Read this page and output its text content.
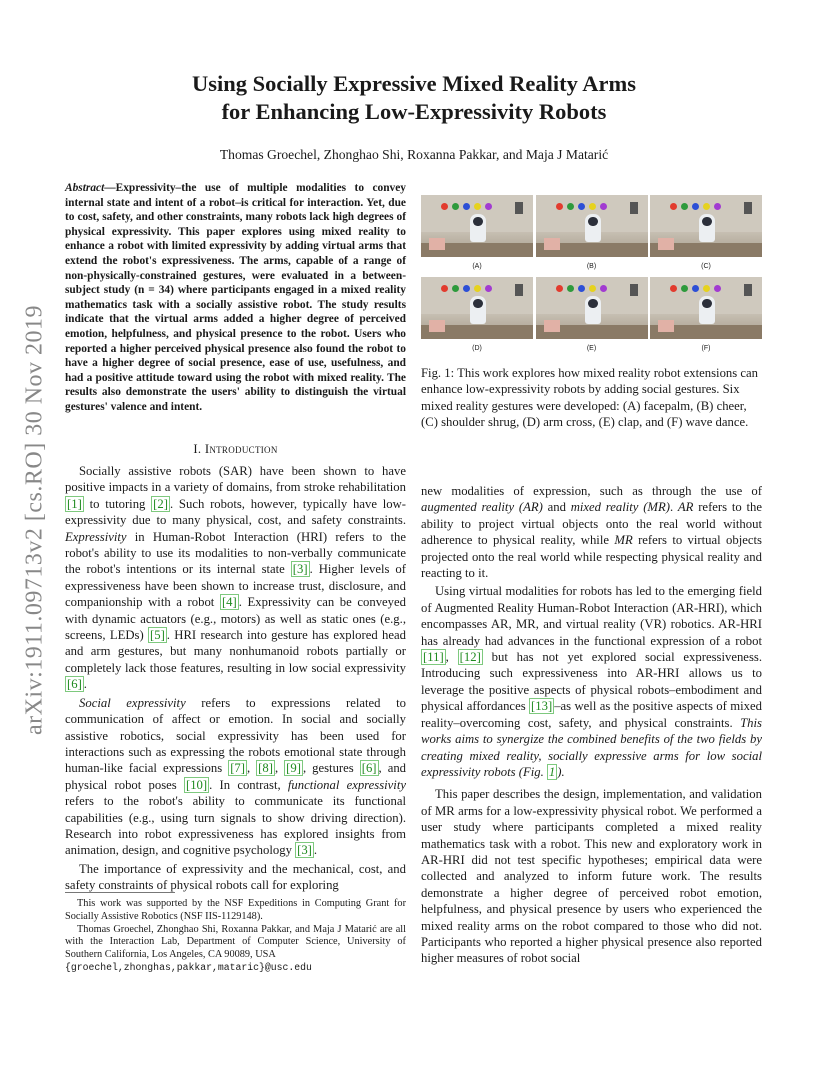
arXiv:1911.09713v2 [cs.RO] 30 Nov 2019
Using Socially Expressive Mixed Reality Arms
for Enhancing Low-Expressivity Robots
Thomas Groechel, Zhonghao Shi, Roxanna Pakkar, and Maja J Matarić
Abstract—Expressivity–the use of multiple modalities to convey internal state and intent of a robot–is critical for interaction. Yet, due to cost, safety, and other constraints, many robots lack high degrees of physical expressivity. This paper explores using mixed reality to enhance a robot with limited expressivity by adding virtual arms that extend the robot's expressiveness. The arms, capable of a range of non-physically-constrained gestures, were evaluated in a between-subject study (n = 34) where participants engaged in a mixed reality mathematics task with a socially assistive robot. The study results indicate that the virtual arms added a higher degree of perceived emotion, helpfulness, and physical presence to the robot. Users who reported a higher perceived physical presence also found the robot to have a higher degree of social presence, ease of use, usefulness, and had a positive attitude toward using the robot with mixed reality. The results also demonstrate the users' ability to distinguish the virtual gestures' valence and intent.
I. Introduction

Socially assistive robots (SAR) have been shown to have positive impacts in a variety of domains, from stroke rehabilitation [1] to tutoring [2] . Such robots, however, typically have low-expressivity due to many physical, cost, and safety constraints. Expressivity in Human-Robot Interaction (HRI) refers to the robot's ability to use its modalities to non-verbally communicate the robot's intentions or its internal state [3] . Higher levels of expressiveness have been shown to increase trust, disclosure, and companionship with a robot [4] . Expressivity can be conveyed with dynamic actuators (e.g., motors) as well as static ones (e.g., screens, LEDs) [5] . HRI research into gesture has explored head and arm gestures, but many nonhumanoid robots partially or completely lack those features, resulting in low social expressivity [6] .

Social expressivity refers to expressions related to communication of affect or emotion. In social and socially assistive robotics, social expressivity has been used for interactions such as expressing the robots emotional state through human-like facial expressions [7] , [8] , [9] , gestures [6] , and physical robot poses [10] . In contrast, functional expressivity refers to the robot's ability to communicate its functional capabilities (e.g., using turn signals to show driving direction). Research into robot expressiveness has explored insights from animation, design, and cognitive psychology [3] .

The importance of expressivity and the mechanical, cost, and safety constraints of physical robots call for exploring

This work was supported by the NSF Expeditions in Computing Grant for Socially Assistive Robotics (NSF IIS-1129148).

Thomas Groechel, Zhonghao Shi, Roxanna Pakkar, and Maja J Matarić are all with the Interaction Lab, Department of Computer Science, University of Southern California, Los Angeles, CA 90089, USA

{groechel,zhonghas,pakkar,mataric}@usc.edu
(A)	(B)	(C)
(D)	(E)	(F)
Fig. 1: This work explores how mixed reality robot extensions can enhance low-expressivity robots by adding social gestures. Six mixed reality gestures were developed: (A) facepalm, (B) cheer, (C) shoulder shrug, (D) arm cross, (E) clap, and (F) wave dance.

new modalities of expression, such as through the use of augmented reality (AR) and mixed reality (MR). AR refers to the ability to project virtual objects onto the real world without adherence to physical reality, while MR refers to virtual objects projected onto the real world while respecting physical reality and reacting to it.

Using virtual modalities for robots has led to the emerging field of Augmented Reality Human-Robot Interaction (AR-HRI), which encompasses AR, MR, and virtual reality (VR) robotics. AR-HRI has already had advances in the functional expression of a robot [11] , [12] but has not yet explored social expressiveness. Introducing such expressiveness into AR-HRI allows us to leverage the positive aspects of physical robots–embodiment and physical affordances [13] –as well as the positive aspects of mixed reality–overcoming cost, safety, and physical constraints. This works aims to synergize the combined benefits of the two fields by creating mixed reality, socially expressive arms for low social expressivity robots (Fig. 1 ).

This paper describes the design, implementation, and validation of MR arms for a low-expressivity physical robot. We performed a user study where participants completed a mixed reality mathematics task with a robot. This new and exploratory work in AR-HRI did not test specific hypotheses; empirical data were collected and analyzed to inform future work. The results demonstrate a higher degree of perceived robot emotion, helpfulness, and physical presence by users who experienced the mixed reality arms on the robot compared to those who did not. Participants who reported a higher physical presence also reported higher measures of robot social
